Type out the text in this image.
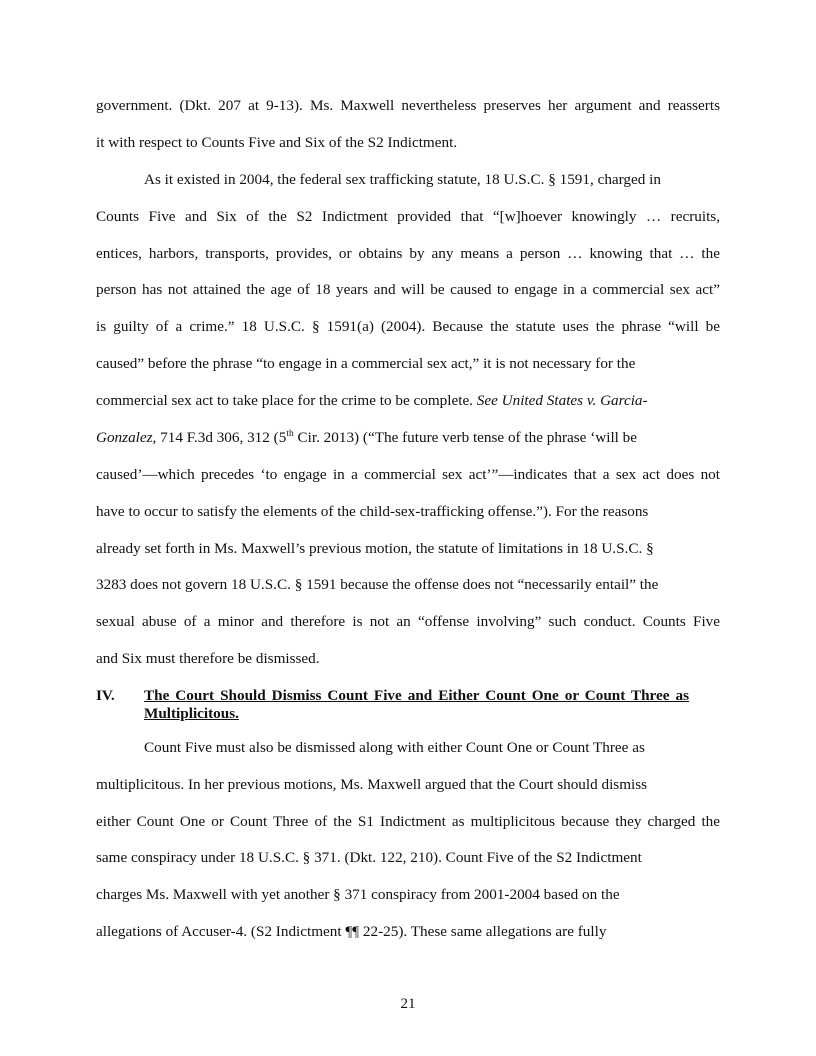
government. (Dkt. 207 at 9-13). Ms. Maxwell nevertheless preserves her argument and reasserts
it with respect to Counts Five and Six of the S2 Indictment.
As it existed in 2004, the federal sex trafficking statute, 18 U.S.C. § 1591, charged in
Counts Five and Six of the S2 Indictment provided that “[w]hoever knowingly … recruits,
entices, harbors, transports, provides, or obtains by any means a person … knowing that … the
person has not attained the age of 18 years and will be caused to engage in a commercial sex act”
is guilty of a crime.” 18 U.S.C. § 1591(a) (2004). Because the statute uses the phrase “will be
caused” before the phrase “to engage in a commercial sex act,” it is not necessary for the
commercial sex act to take place for the crime to be complete. See United States v. Garcia-
Gonzalez, 714 F.3d 306, 312 (5th Cir. 2013) (“The future verb tense of the phrase ‘will be
caused’—which precedes ‘to engage in a commercial sex act’”—indicates that a sex act does not
have to occur to satisfy the elements of the child-sex-trafficking offense.”). For the reasons
already set forth in Ms. Maxwell’s previous motion, the statute of limitations in 18 U.S.C. §
3283 does not govern 18 U.S.C. § 1591 because the offense does not “necessarily entail” the
sexual abuse of a minor and therefore is not an “offense involving” such conduct. Counts Five
and Six must therefore be dismissed.
IV. The Court Should Dismiss Count Five and Either Count One or Count Three as
Multiplicitous.
Count Five must also be dismissed along with either Count One or Count Three as
multiplicitous. In her previous motions, Ms. Maxwell argued that the Court should dismiss
either Count One or Count Three of the S1 Indictment as multiplicitous because they charged the
same conspiracy under 18 U.S.C. § 371. (Dkt. 122, 210). Count Five of the S2 Indictment
charges Ms. Maxwell with yet another § 371 conspiracy from 2001-2004 based on the
allegations of Accuser-4. (S2 Indictment ¶¶ 22-25). These same allegations are fully
21
